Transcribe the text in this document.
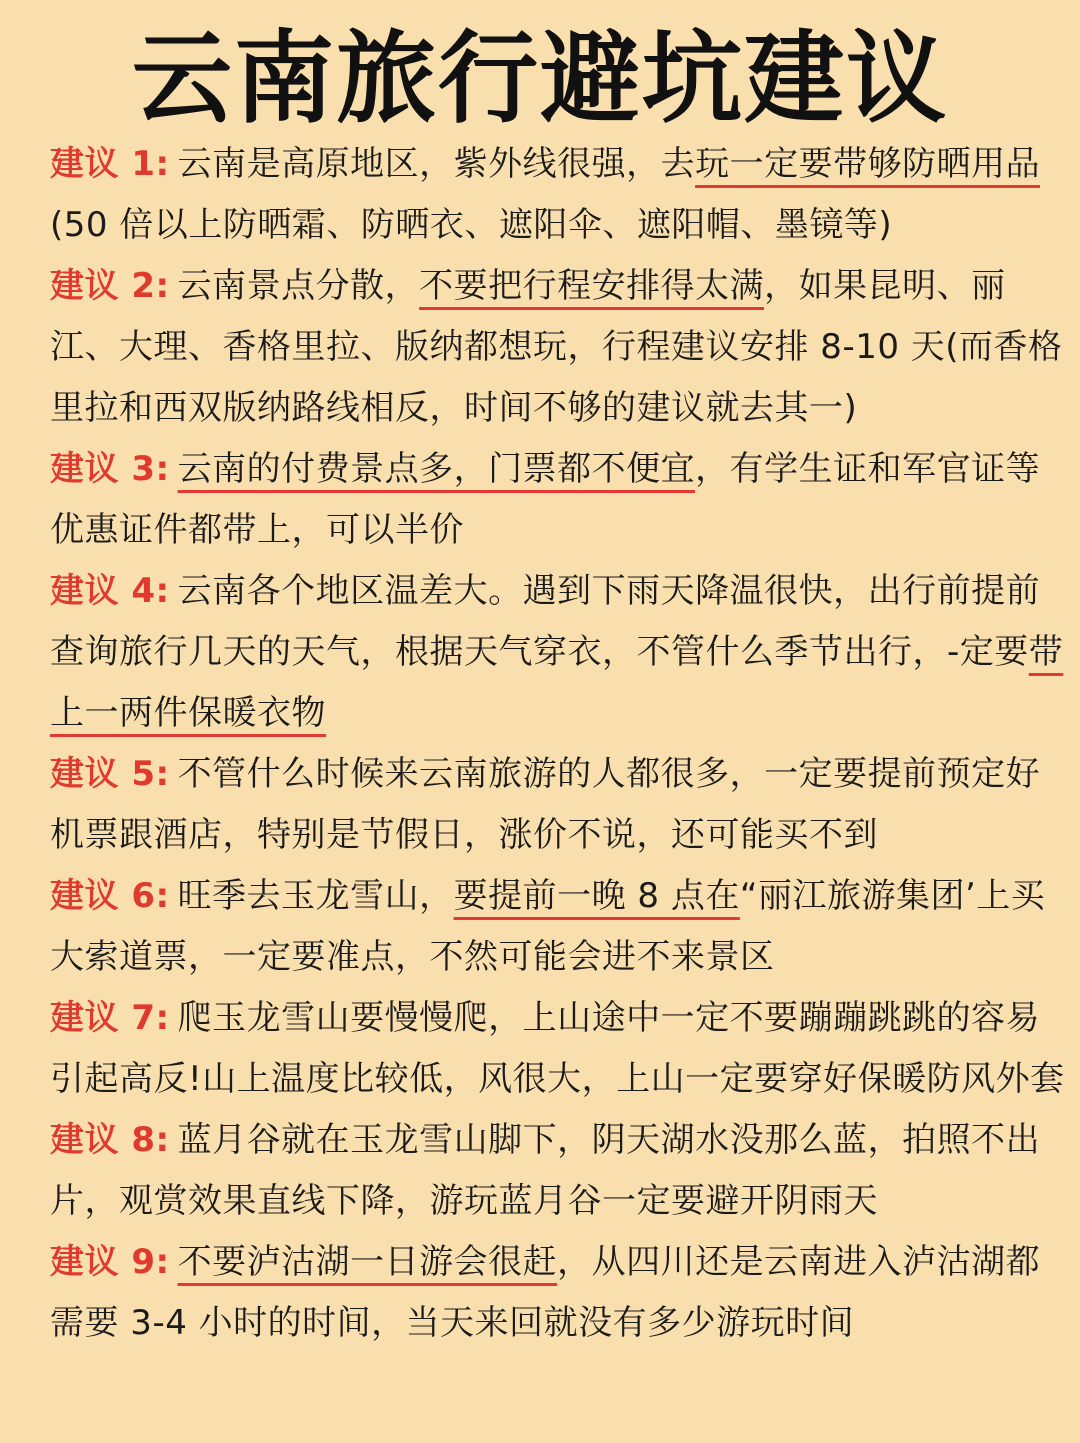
云南旅行避坑建议
建议 1: 云南是高原地区，紫外线很强，去玩一定要带够防晒用品(50 倍以上防晒霜、防晒衣、遮阳伞、遮阳帽、墨镜等)
建议 2: 云南景点分散，不要把行程安排得太满，如果昆明、丽江、大理、香格里拉、版纳都想玩，行程建议安排 8-10 天(而香格里拉和西双版纳路线相反，时间不够的建议就去其一)
建议 3: 云南的付费景点多，门票都不便宜，有学生证和军官证等优惠证件都带上，可以半价
建议 4: 云南各个地区温差大。遇到下雨天降温很快，出行前提前查询旅行几天的天气，根据天气穿衣，不管什么季节出行，-定要带上一两件保暖衣物
建议 5: 不管什么时候来云南旅游的人都很多，一定要提前预定好机票跟酒店，特别是节假日，涨价不说，还可能买不到
建议 6: 旺季去玉龙雪山，要提前一晚 8 点在“丽江旅游集团’上买大索道票，一定要准点，不然可能会进不来景区
建议 7: 爬玉龙雪山要慢慢爬，上山途中一定不要蹦蹦跳跳的容易引起高反!山上温度比较低，风很大，上山一定要穿好保暖防风外套
建议 8: 蓝月谷就在玉龙雪山脚下，阴天湖水没那么蓝，拍照不出片，观赏效果直线下降，游玩蓝月谷一定要避开阴雨天
建议 9: 不要泸沽湖一日游会很赶，从四川还是云南进入泸沽湖都需要 3-4 小时的时间，当天来回就没有多少游玩时间
